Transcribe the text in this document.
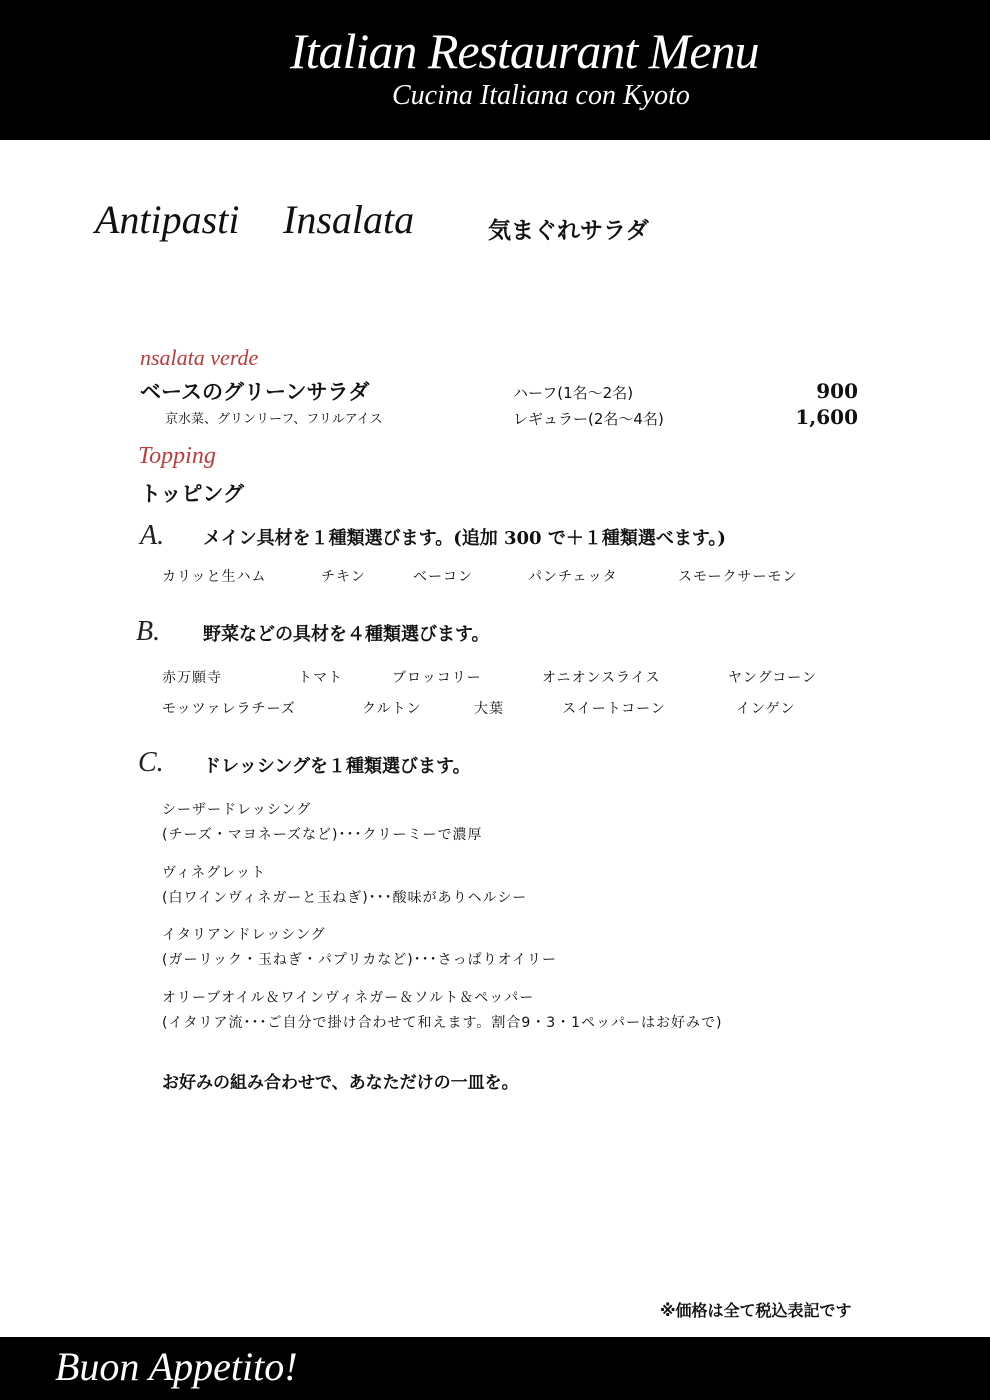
Italian Restaurant Menu
Cucina Italiana con Kyoto
Antipasti Insalata	気まぐれサラダ
nsalata verde
ベースのグリーンサラダ
京水菜、グリンリーフ、フリルアイス
ハーフ(1名〜2名)	900
レギュラー(2名〜4名)	1,600
Topping
トッピング
A. メイン具材を１種類選びます。(追加 300 で＋１種類選べます。)
カリッと生ハム	チキン	ベーコン	パンチェッタ	スモークサーモン
B. 野菜などの具材を４種類選びます。
赤万願寺	トマト	ブロッコリー	オニオンスライス	ヤングコーン
モッツァレラチーズ	クルトン	大葉	スイートコーン	インゲン
C. ドレッシングを１種類選びます。
シーザードレッシング
(チーズ・マヨネーズなど)･･･クリーミーで濃厚
ヴィネグレット
(白ワインヴィネガーと玉ねぎ)･･･酸味がありヘルシー
イタリアンドレッシング
(ガーリック・玉ねぎ・パプリカなど)･･･さっぱりオイリー
オリーブオイル＆ワインヴィネガー＆ソルト＆ペッパー
(イタリア流･･･ご自分で掛け合わせて和えます。割合9・3・1ペッパーはお好みで)
お好みの組み合わせで、あなただけの一皿を。
※価格は全て税込表記です
Buon Appetito!
